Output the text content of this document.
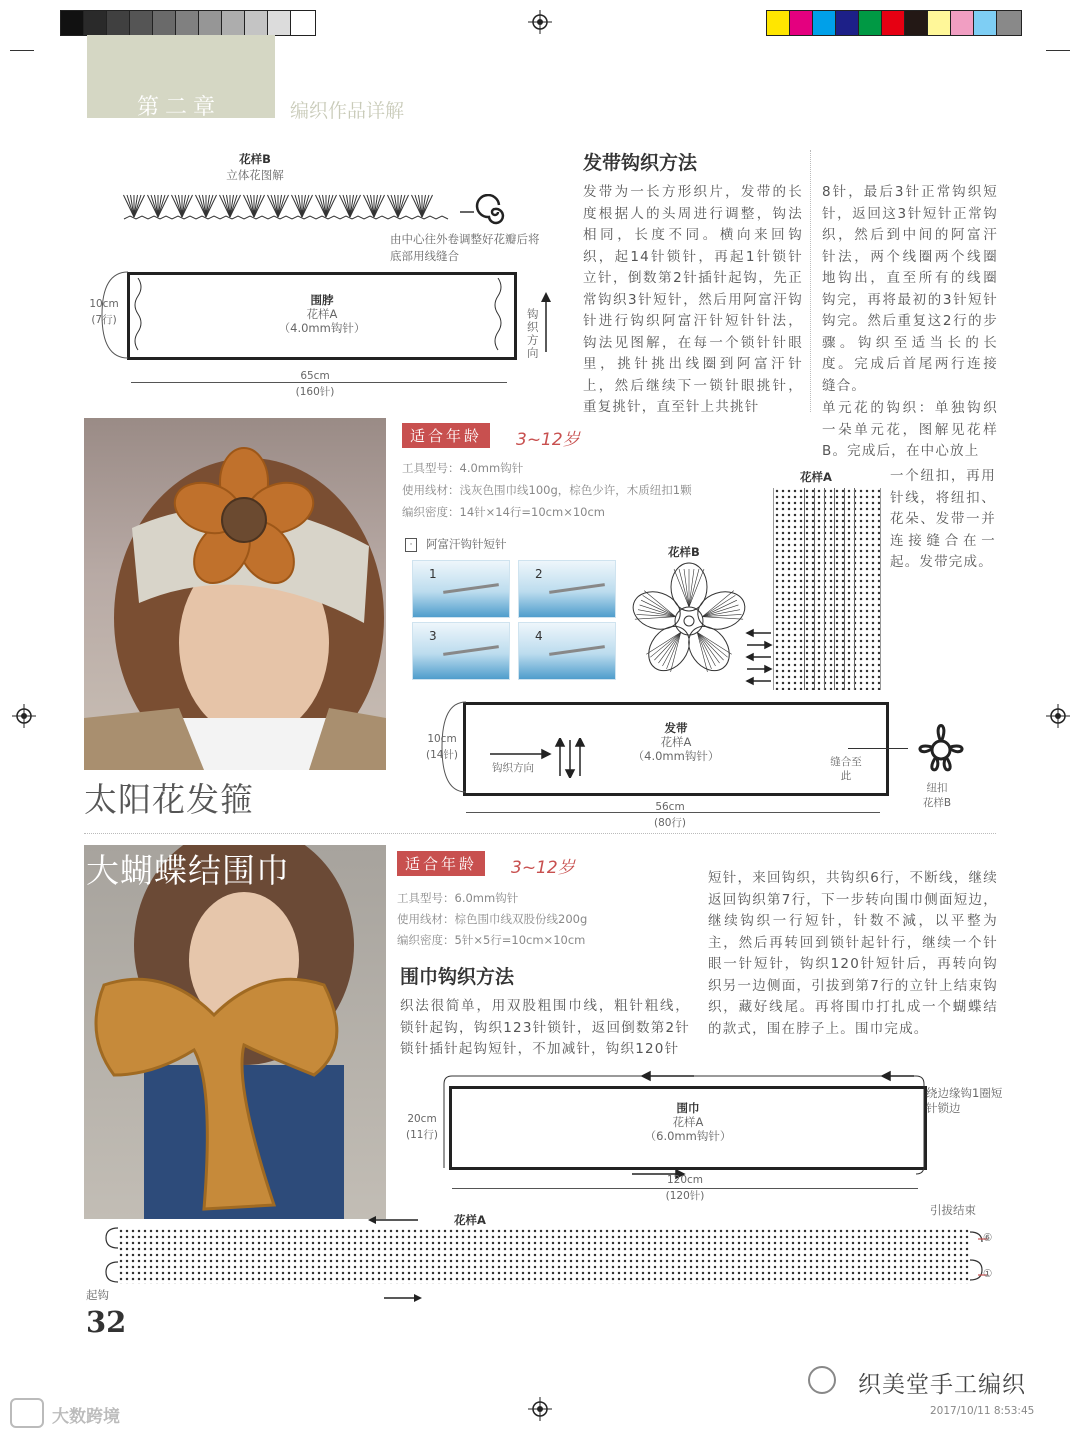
第二章	编织作品详解
花样B
立体花图解
由中心往外卷调整好花瓣后将底部用线缝合
围脖
花样A
（4.0mm钩针）
10cm
(7行)
65cm
(160针)
钩织方向
发带钩织方法
发带为一长方形织片，发带的长度根据人的头周进行调整，钩法相同，长度不同。横向来回钩织，起14针锁针，再起1针锁针立针，倒数第2针插针起钩，先正常钩织3针短针，然后用阿富汗钩针进行钩织阿富汗针短针针法，钩法见图解，在每一个锁针针眼里，挑针挑出线圈到阿富汗针上，然后继续下一锁针眼挑针，重复挑针，直至针上共挑针
8针，最后3针正常钩织短针，返回这3针短针正常钩织，然后到中间的阿富汗针法，两个线圈两个线圈地钩出，直至所有的线圈钩完，再将最初的3针短针钩完。然后重复这2行的步骤。钩织至适当长的长度。完成后首尾两行连接缝合。
单元花的钩织：单独钩织一朵单元花，图解见花样B。完成后，在中心放上
一个纽扣，再用针线，将纽扣、花朵、发带一并连接缝合在一起。发带完成。
太阳花发箍
适合年龄	3~12岁
工具型号：4.0mm钩针
使用线材：浅灰色围巾线100g，棕色少许，木质纽扣1颗
编织密度：14针×14行=10cm×10cm
·	阿富汗钩针短针
1	2
3	4
花样B
花样A
发带
花样A
（4.0mm钩针）
钩织方向	缝合至此
10cm
(14针)
56cm
(80行)
纽扣
花样B
大蝴蝶结围巾	适合年龄	3~12岁
工具型号：6.0mm钩针
使用线材：棕色围巾线双股份线200g
编织密度：5针×5行=10cm×10cm
围巾钩织方法
织法很简单，用双股粗围巾线，粗针粗线，锁针起钩，钩织123针锁针，返回倒数第2针锁针插针起钩短针，不加减针，钩织120针
短针，来回钩织，共钩织6行，不断线，继续返回钩织第7行，下一步转向围巾侧面短边，继续钩织一行短针，针数不減，以平整为主，然后再转回到锁针起针行，继续一个针眼一针短针，钩织120针短针后，再转向钩织另一边侧面，引拔到第7行的立针上结束钩织，藏好线尾。再将围巾打扎成一个蝴蝶结的款式，围在脖子上。围巾完成。
围巾
花样A
（6.0mm钩针）
绕边缘钩1圈短针锁边
20cm
(11行)
120cm
(120针)
花样A
引拔结束
⑥
①
起钩
32
织美堂手工编织
大数跨境	2017/10/11 8:53:45
